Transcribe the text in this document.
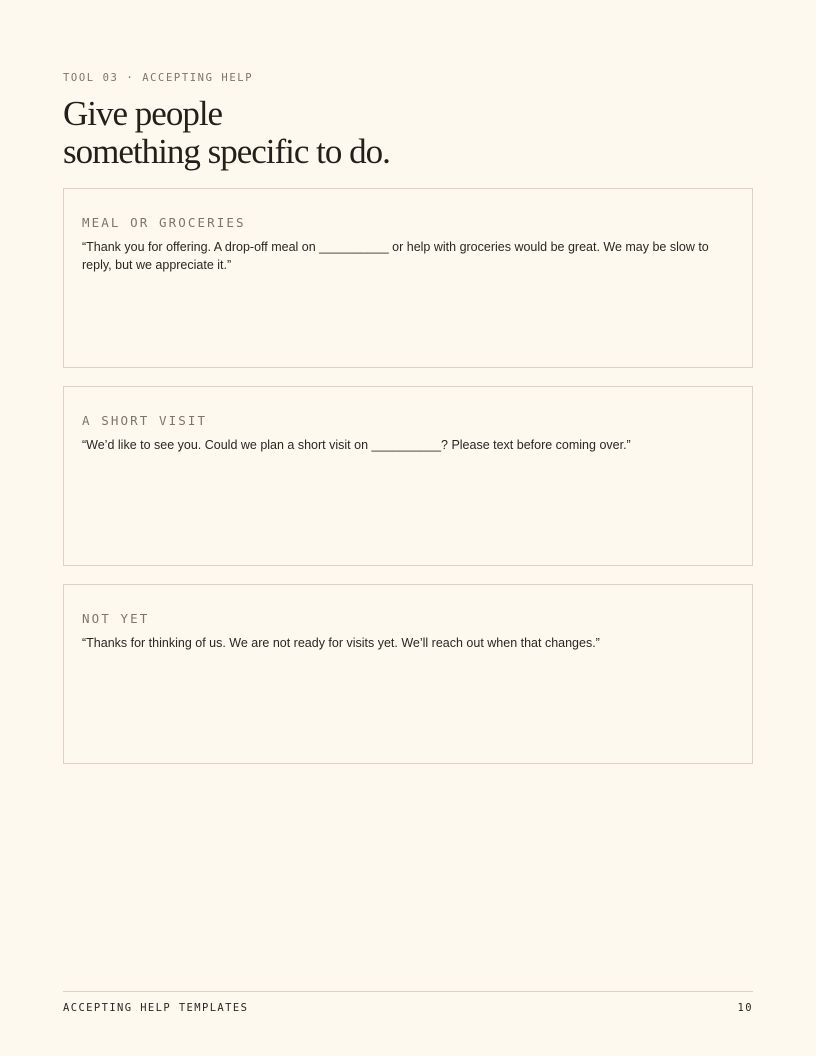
TOOL 03 · ACCEPTING HELP
Give people
something specific to do.
MEAL OR GROCERIES

“Thank you for offering. A drop-off meal on __________ or help with groceries would be great. We may be slow to reply, but we appreciate it.”

A SHORT VISIT

“We’d like to see you. Could we plan a short visit on __________? Please text before coming over.”

NOT YET

“Thanks for thinking of us. We are not ready for visits yet. We’ll reach out when that changes.”

ACCEPTING HELP TEMPLATES	10
